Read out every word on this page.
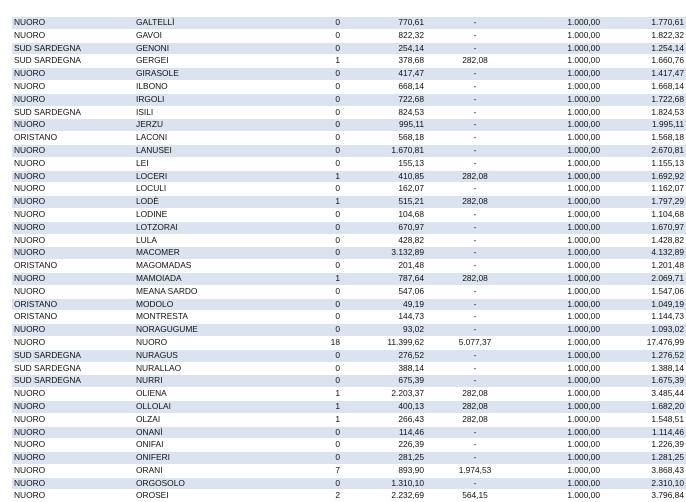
NUORO	GALTELLÌ	0	770,61	-	1.000,00	1.770,61
NUORO	GAVOI	0	822,32	-	1.000,00	1.822,32
SUD SARDEGNA	GENONI	0	254,14	-	1.000,00	1.254,14
SUD SARDEGNA	GERGEI	1	378,68	282,08	1.000,00	1.660,76
NUORO	GIRASOLE	0	417,47	-	1.000,00	1.417,47
NUORO	ILBONO	0	668,14	-	1.000,00	1.668,14
NUORO	IRGOLI	0	722,68	-	1.000,00	1.722,68
SUD SARDEGNA	ISILI	0	824,53	-	1.000,00	1.824,53
NUORO	JERZU	0	995,11	-	1.000,00	1.995,11
ORISTANO	LACONI	0	568,18	-	1.000,00	1.568,18
NUORO	LANUSEI	0	1.670,81	-	1.000,00	2.670,81
NUORO	LEI	0	155,13	-	1.000,00	1.155,13
NUORO	LOCERI	1	410,85	282,08	1.000,00	1.692,92
NUORO	LOCULI	0	162,07	-	1.000,00	1.162,07
NUORO	LODÈ	1	515,21	282,08	1.000,00	1.797,29
NUORO	LODINE	0	104,68	-	1.000,00	1.104,68
NUORO	LOTZORAI	0	670,97	-	1.000,00	1.670,97
NUORO	LULA	0	428,82	-	1.000,00	1.428,82
NUORO	MACOMER	0	3.132,89	-	1.000,00	4.132,89
ORISTANO	MAGOMADAS	0	201,48	-	1.000,00	1.201,48
NUORO	MAMOIADA	1	787,64	282,08	1.000,00	2.069,71
NUORO	MEANA SARDO	0	547,06	-	1.000,00	1.547,06
ORISTANO	MODOLO	0	49,19	-	1.000,00	1.049,19
ORISTANO	MONTRESTA	0	144,73	-	1.000,00	1.144,73
NUORO	NORAGUGUME	0	93,02	-	1.000,00	1.093,02
NUORO	NUORO	18	11.399,62	5.077,37	1.000,00	17.476,99
SUD SARDEGNA	NURAGUS	0	276,52	-	1.000,00	1.276,52
SUD SARDEGNA	NURALLAO	0	388,14	-	1.000,00	1.388,14
SUD SARDEGNA	NURRI	0	675,39	-	1.000,00	1.675,39
NUORO	OLIENA	1	2.203,37	282,08	1.000,00	3.485,44
NUORO	OLLOLAI	1	400,13	282,08	1.000,00	1.682,20
NUORO	OLZAI	1	266,43	282,08	1.000,00	1.548,51
NUORO	ONANÌ	0	114,46	-	1.000,00	1.114,46
NUORO	ONIFAI	0	226,39	-	1.000,00	1.226,39
NUORO	ONIFERI	0	281,25	-	1.000,00	1.281,25
NUORO	ORANI	7	893,90	1.974,53	1.000,00	3.868,43
NUORO	ORGOSOLO	0	1.310,10	-	1.000,00	2.310,10
NUORO	OROSEI	2	2.232,69	564,15	1.000,00	3.796,84
